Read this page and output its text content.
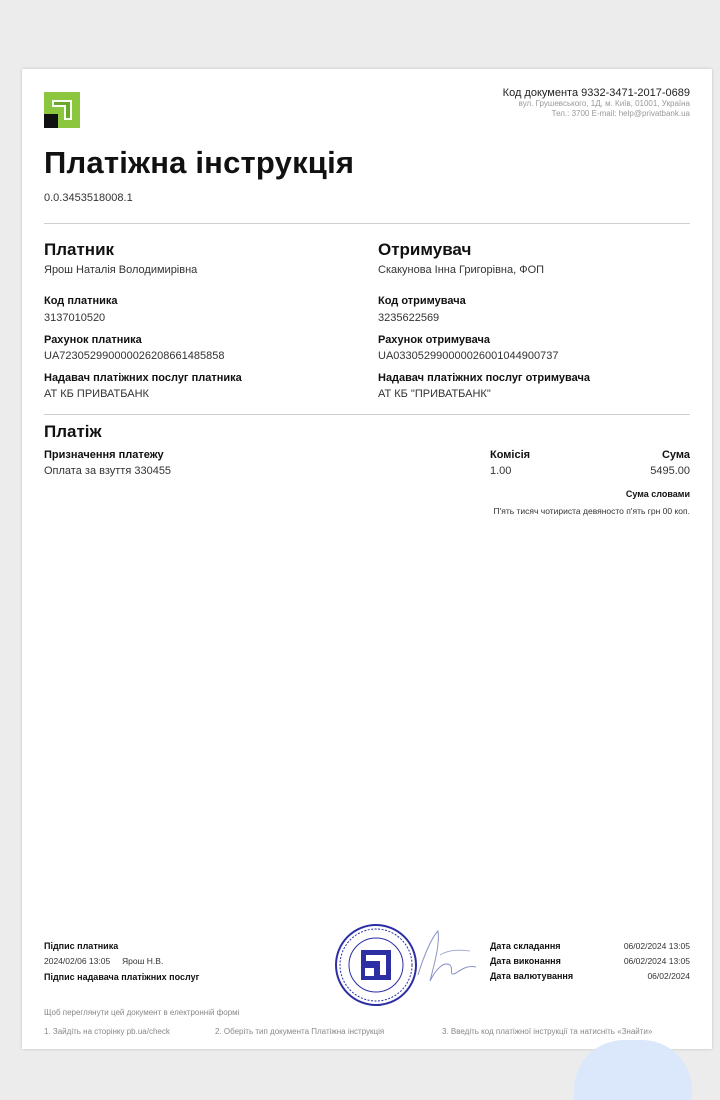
Код документа 9332-3471-2017-0689
вул. Грушевського, 1Д, м. Київ, 01001, Україна
Тел.: 3700 E-mail: help@privatbank.ua
Платіжна інструкція
0.0.3453518008.1
Платник
Ярош Наталія Володимирівна
Код платника
3137010520
Рахунок платника
UA723052990000026208661485858
Надавач платіжних послуг платника
АТ КБ ПРИВАТБАНК
Отримувач
Скакунова Інна Григорівна, ФОП
Код отримувача
3235622569
Рахунок отримувача
UA033052990000026001044900737
Надавач платіжних послуг отримувача
АТ КБ "ПРИВАТБАНК"
Платіж
Призначення платежу
Оплата за взуття 330455
Комісія
1.00
Сума
5495.00
Сума словами
П'ять тисяч чотириста девяносто п'ять грн 00 коп.
Підпис платника
2024/02/06 13:05 Ярош Н.В.
Підпис надавача платіжних послуг
Дата складання	06/02/2024 13:05
Дата виконання	06/02/2024 13:05
Дата валютування	06/02/2024
Щоб переглянути цей документ в електронній формі
1. Зайдіть на сторінку pb.ua/check	2. Оберіть тип документа Платіжна інструкція	3. Введіть код платіжної інструкції та натисніть «Знайти»
